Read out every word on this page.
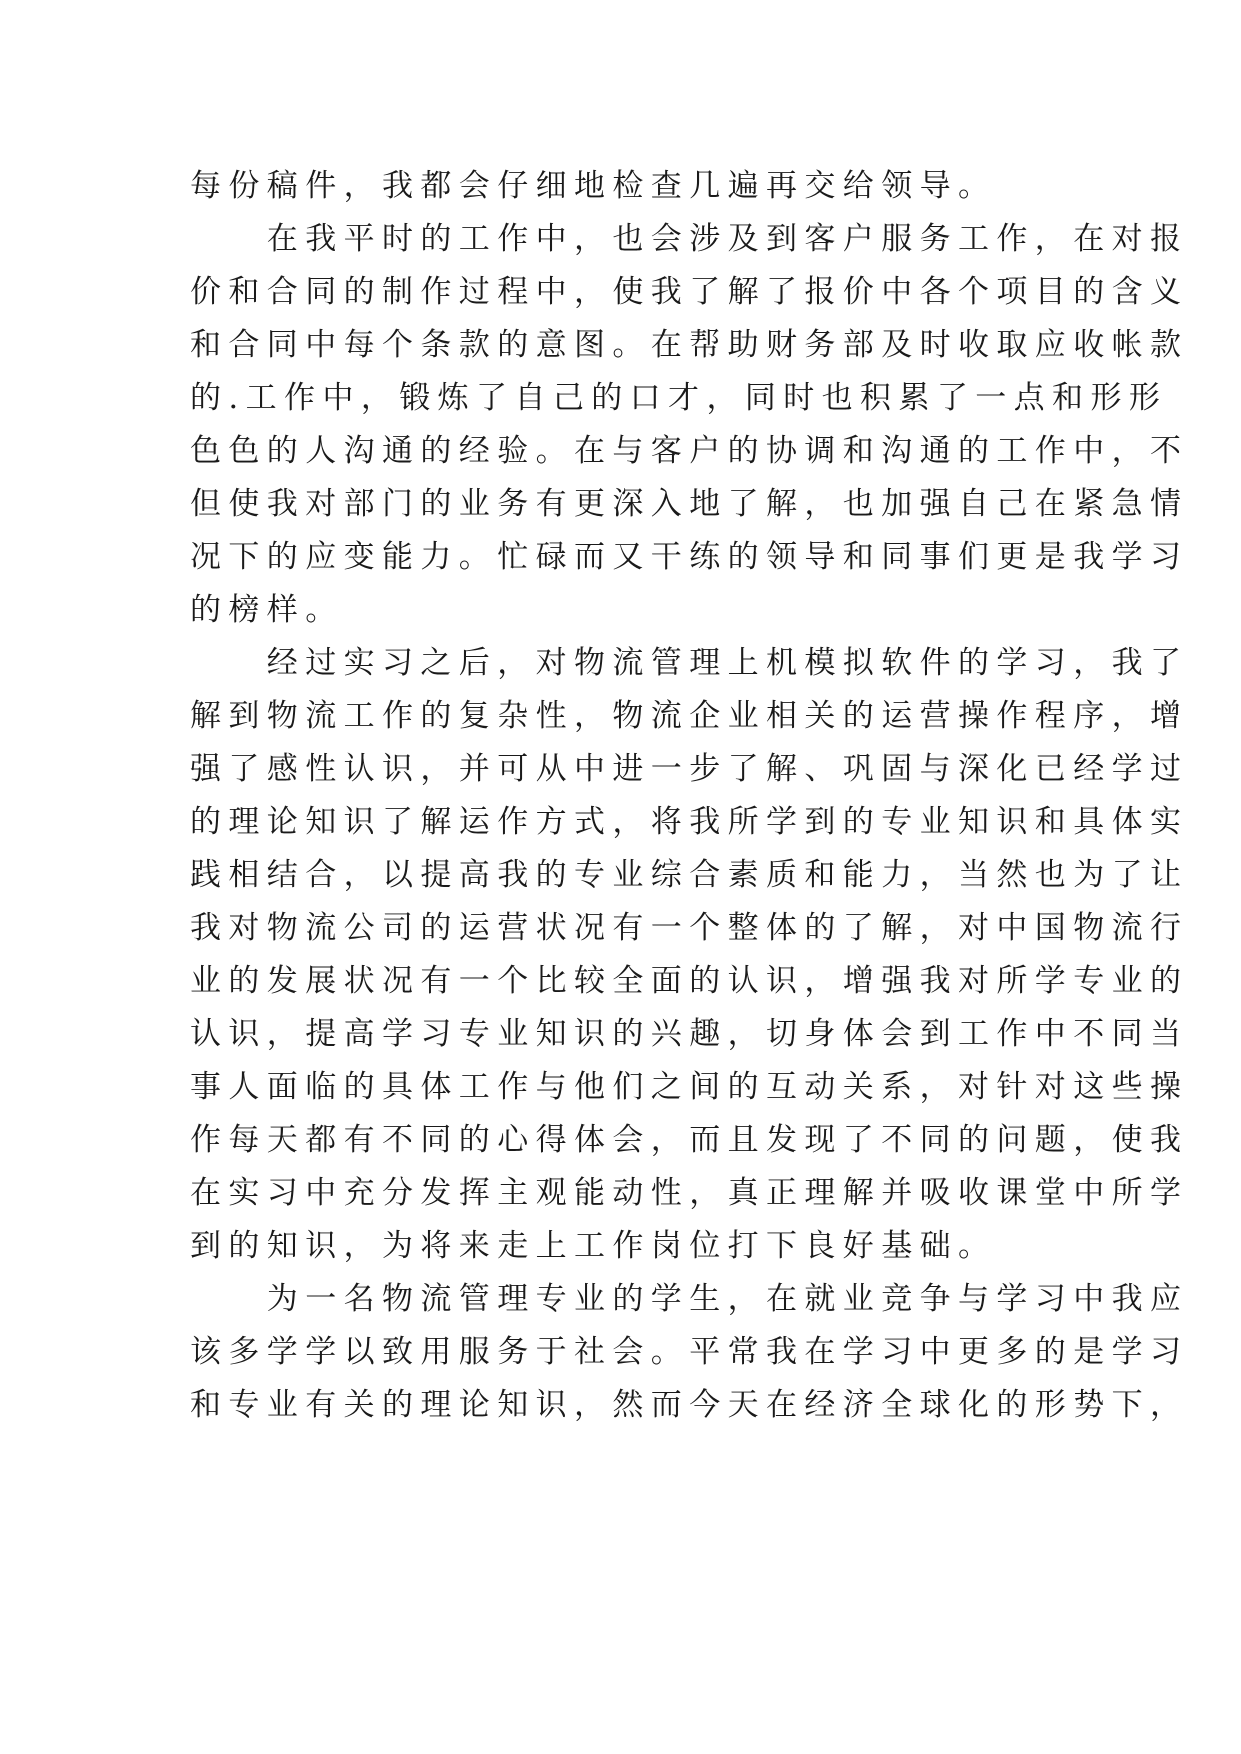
每份稿件，我都会仔细地检查几遍再交给领导。
　　在我平时的工作中，也会涉及到客户服务工作，在对报
价和合同的制作过程中，使我了解了报价中各个项目的含义
和合同中每个条款的意图。在帮助财务部及时收取应收帐款
的.工作中，锻炼了自己的口才，同时也积累了一点和形形
色色的人沟通的经验。在与客户的协调和沟通的工作中，不
但使我对部门的业务有更深入地了解，也加强自己在紧急情
况下的应变能力。忙碌而又干练的领导和同事们更是我学习
的榜样。
　　经过实习之后，对物流管理上机模拟软件的学习，我了
解到物流工作的复杂性，物流企业相关的运营操作程序，增
强了感性认识，并可从中进一步了解、巩固与深化已经学过
的理论知识了解运作方式，将我所学到的专业知识和具体实
践相结合，以提高我的专业综合素质和能力，当然也为了让
我对物流公司的运营状况有一个整体的了解，对中国物流行
业的发展状况有一个比较全面的认识，增强我对所学专业的
认识，提高学习专业知识的兴趣，切身体会到工作中不同当
事人面临的具体工作与他们之间的互动关系，对针对这些操
作每天都有不同的心得体会，而且发现了不同的问题，使我
在实习中充分发挥主观能动性，真正理解并吸收课堂中所学
到的知识，为将来走上工作岗位打下良好基础。
　　为一名物流管理专业的学生，在就业竞争与学习中我应
该多学学以致用服务于社会。平常我在学习中更多的是学习
和专业有关的理论知识，然而今天在经济全球化的形势下，
